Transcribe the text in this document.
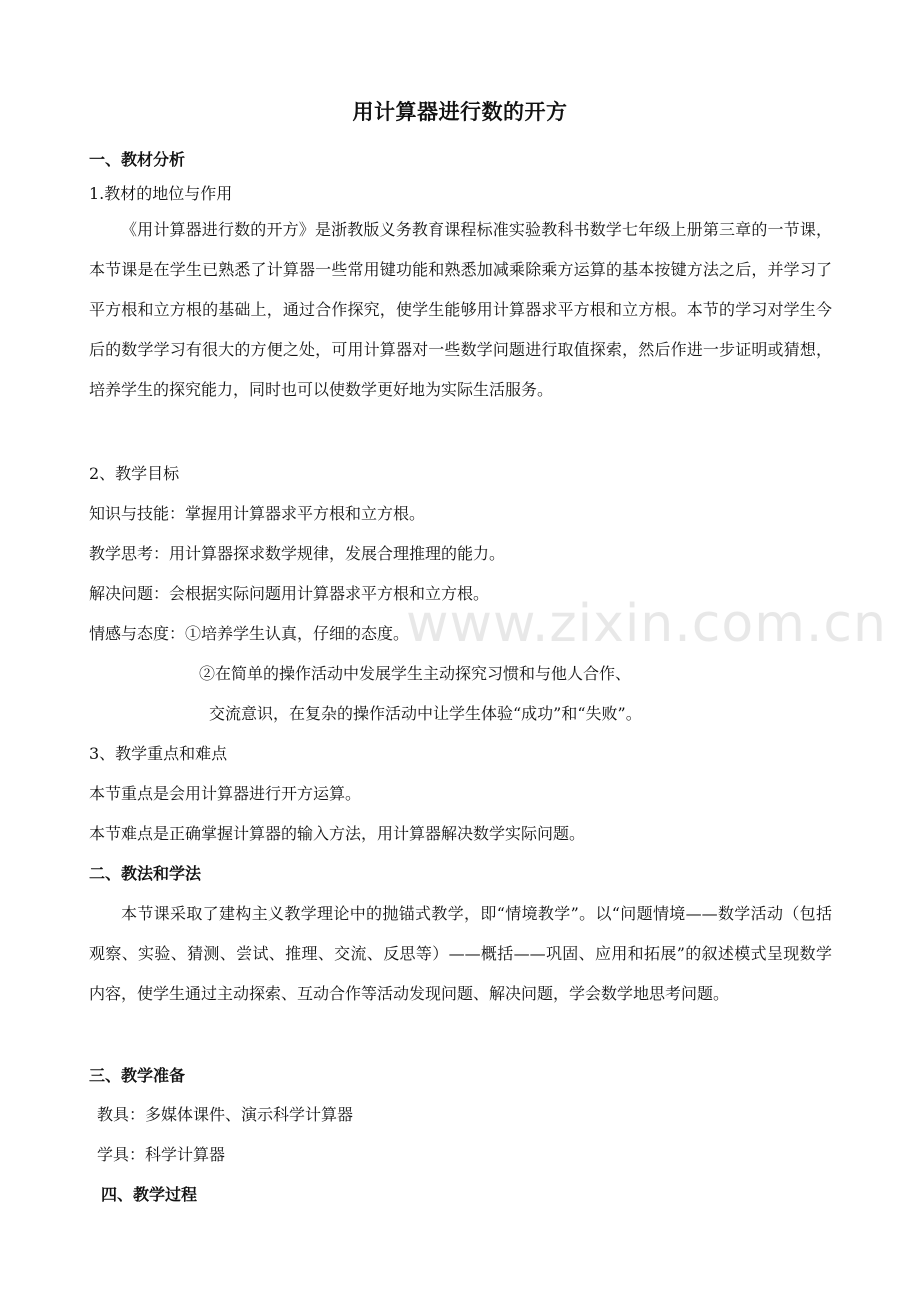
用计算器进行数的开方
一、教材分析
1.教材的地位与作用
《用计算器进行数的开方》是浙教版义务教育课程标准实验教科书数学七年级上册第三章的一节课，本节课是在学生已熟悉了计算器一些常用键功能和熟悉加减乘除乘方运算的基本按键方法之后，并学习了平方根和立方根的基础上，通过合作探究，使学生能够用计算器求平方根和立方根。本节的学习对学生今后的数学学习有很大的方便之处，可用计算器对一些数学问题进行取值探索，然后作进一步证明或猜想，培养学生的探究能力，同时也可以使数学更好地为实际生活服务。
2、教学目标
知识与技能：掌握用计算器求平方根和立方根。
教学思考：用计算器探求数学规律，发展合理推理的能力。
解决问题：会根据实际问题用计算器求平方根和立方根。
情感与态度：①培养学生认真，仔细的态度。
②在简单的操作活动中发展学生主动探究习惯和与他人合作、
交流意识，在复杂的操作活动中让学生体验“成功”和“失败”。
3、教学重点和难点
本节重点是会用计算器进行开方运算。
本节难点是正确掌握计算器的输入方法，用计算器解决数学实际问题。
二、教法和学法
本节课采取了建构主义教学理论中的抛锚式教学，即“情境教学”。以“问题情境——数学活动（包括观察、实验、猜测、尝试、推理、交流、反思等）——概括——巩固、应用和拓展”的叙述模式呈现数学内容，使学生通过主动探索、互动合作等活动发现问题、解决问题，学会数学地思考问题。
三、教学准备
教具：多媒体课件、演示科学计算器
学具：科学计算器
四、教学过程
www.zixin.com.cn
